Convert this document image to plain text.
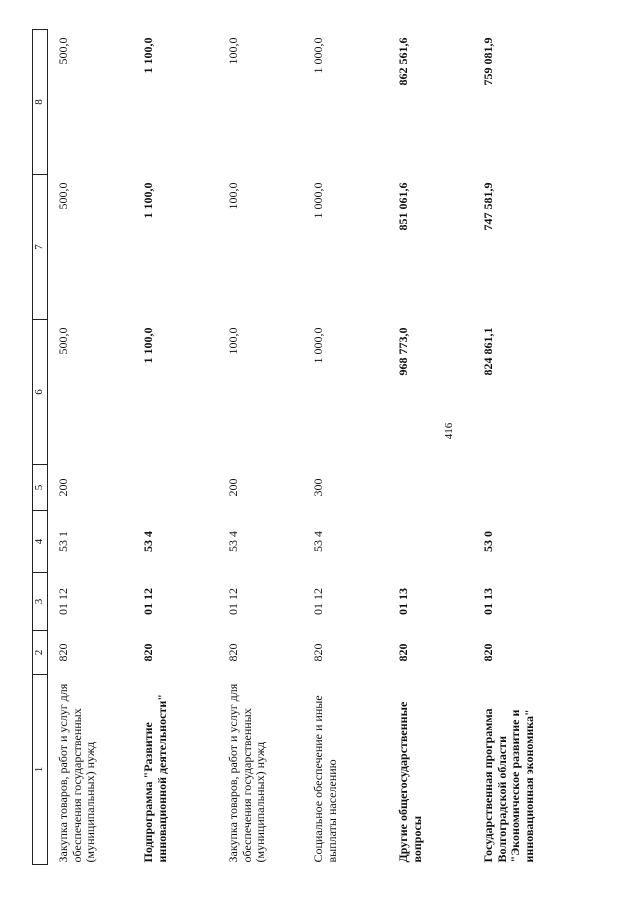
416
1	2	3	4	5	6	7	8
Закупка товаров, работ и услуг для обеспечения государственных (муниципальных) нужд	820	01 12	53 1	200	500,0	500,0	500,0
Подпрограмма "Развитие инновационной деятельности"	820	01 12	53 4		1 100,0	1 100,0	1 100,0
Закупка товаров, работ и услуг для обеспечения государственных (муниципальных) нужд	820	01 12	53 4	200	100,0	100,0	100,0
Социальное обеспечение и иные выплаты населению	820	01 12	53 4	300	1 000,0	1 000,0	1 000,0
Другие общегосударственные вопросы	820	01 13			968 773,0	851 061,6	862 561,6
Государственная программа Волгоградской области "Экономическое развитие и инновационная экономика"	820	01 13	53 0		824 861,1	747 581,9	759 081,9
